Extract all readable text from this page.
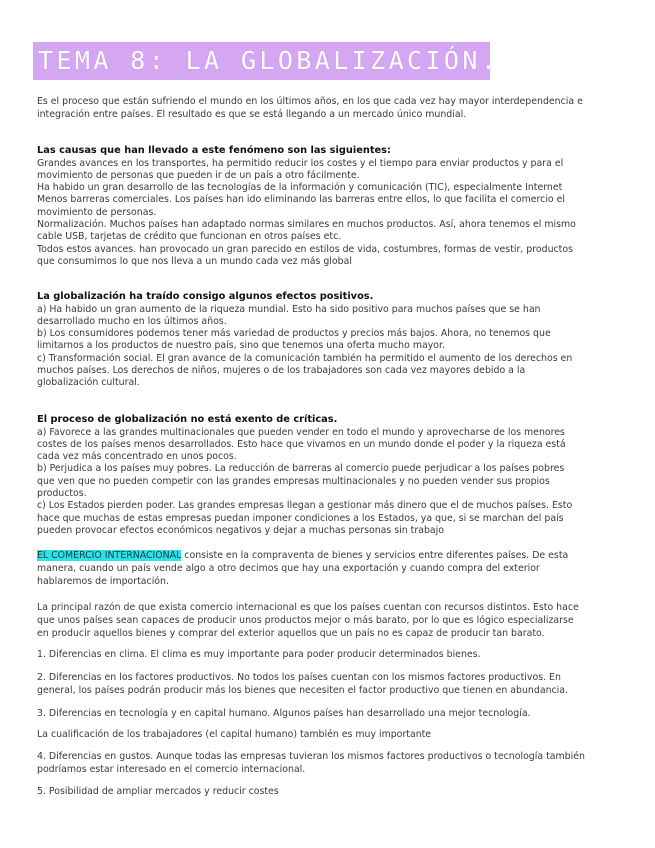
TEMA 8: LA GLOBALIZACIÓN.

Es el proceso que están sufriendo el mundo en los últimos años, en los que cada vez hay mayor interdependencia e
integración entre países. El resultado es que se está llegando a un mercado único mundial.

Las causas que han llevado a este fenómeno son las siguientes:

Grandes avances en los transportes, ha permitido reducir los costes y el tiempo para enviar productos y para el
movimiento de personas que pueden ir de un país a otro fácilmente.
Ha habido un gran desarrollo de las tecnologías de la información y comunicación (TIC), especialmente Internet
Menos barreras comerciales. Los países han ido eliminando las barreras entre ellos, lo que facilita el comercio el
movimiento de personas.
Normalización. Muchos países han adaptado normas similares en muchos productos. Así, ahora tenemos el mismo
cable USB, tarjetas de crédito que funcionan en otros países etc.
Todos estos avances. han provocado un gran parecido en estilos de vida, costumbres, formas de vestir, productos
que consumimos lo que nos lleva a un mundo cada vez más global

La globalización ha traído consigo algunos efectos positivos.

a) Ha habido un gran aumento de la riqueza mundial. Esto ha sido positivo para muchos países que se han
desarrollado mucho en los últimos años.
b) Los consumidores podemos tener más variedad de productos y precios más bajos. Ahora, no tenemos que
limitarnos a los productos de nuestro país, sino que tenemos una oferta mucho mayor.
c) Transformación social. El gran avance de la comunicación también ha permitido el aumento de los derechos en
muchos países. Los derechos de niños, mujeres o de los trabajadores son cada vez mayores debido a la
globalización cultural.

El proceso de globalización no está exento de críticas.

a) Favorece a las grandes multinacionales que pueden vender en todo el mundo y aprovecharse de los menores
costes de los países menos desarrollados. Esto hace que vivamos en un mundo donde el poder y la riqueza está
cada vez más concentrado en unos pocos.
b) Perjudica a los países muy pobres. La reducción de barreras al comercio puede perjudicar a los países pobres
que ven que no pueden competir con las grandes empresas multinacionales y no pueden vender sus propios
productos.
c) Los Estados pierden poder. Las grandes empresas llegan a gestionar más dinero que el de muchos países. Esto
hace que muchas de estas empresas puedan imponer condiciones a los Estados, ya que, si se marchan del país
pueden provocar efectos económicos negativos y dejar a muchas personas sin trabajo

EL COMERCIO INTERNACIONAL consiste en la compraventa de bienes y servicios entre diferentes países. De esta
manera, cuando un país vende algo a otro decimos que hay una exportación y cuando compra del exterior
hablaremos de importación.

La principal razón de que exista comercio internacional es que los países cuentan con recursos distintos. Esto hace
que unos países sean capaces de producir unos productos mejor o más barato, por lo que es lógico especializarse
en producir aquellos bienes y comprar del exterior aquellos que un país no es capaz de producir tan barato.

1. Diferencias en clima. El clima es muy importante para poder producir determinados bienes.

2. Diferencias en los factores productivos. No todos los países cuentan con los mismos factores productivos. En
general, los países podrán producir más los bienes que necesiten el factor productivo que tienen en abundancia.

3. Diferencias en tecnología y en capital humano. Algunos países han desarrollado una mejor tecnología.

La cualificación de los trabajadores (el capital humano) también es muy importante

4. Diferencias en gustos. Aunque todas las empresas tuvieran los mismos factores productivos o tecnología también
podríamos estar interesado en el comercio internacional.

5. Posibilidad de ampliar mercados y reducir costes
